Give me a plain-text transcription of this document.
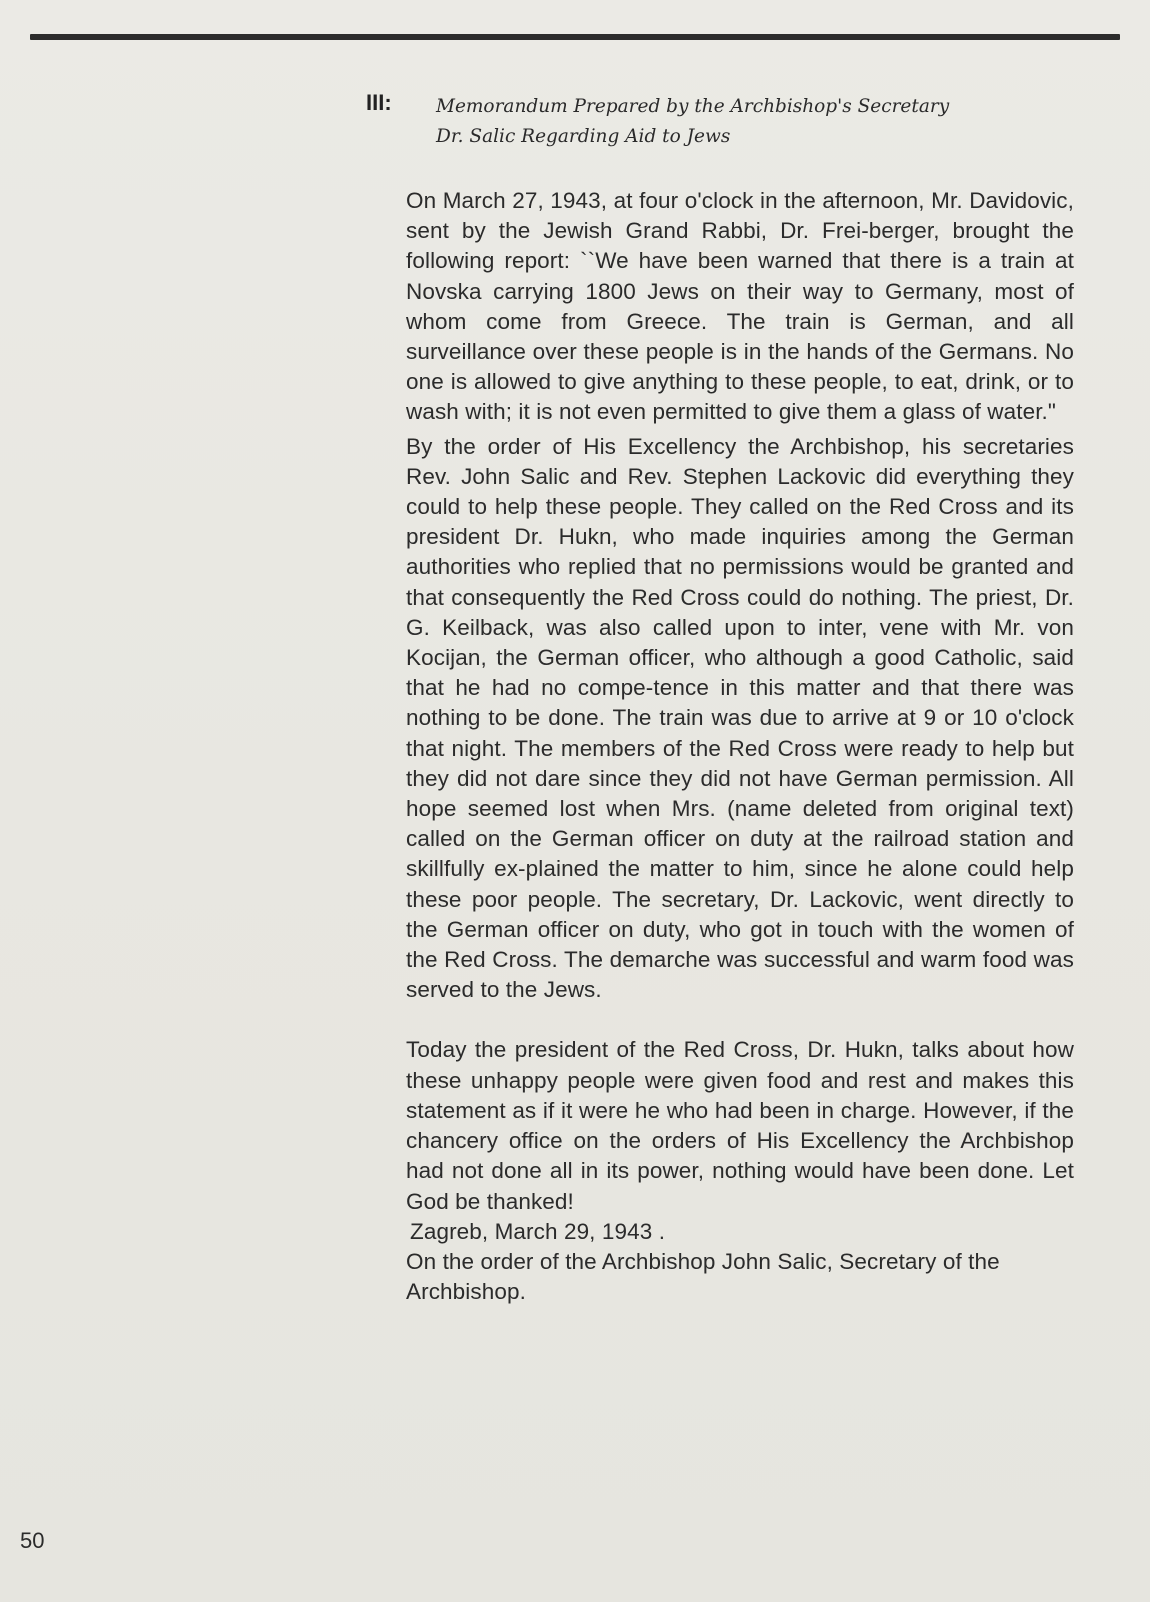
III: Memorandum Prepared by the Archbishop's Secretary
Dr. Salic Regarding Aid to Jews

On March 27, 1943, at four o'clock in the afternoon, Mr. Davidovic, sent by the Jewish Grand Rabbi, Dr. Frei-berger, brought the following report: ``We have been warned that there is a train at Novska carrying 1800 Jews on their way to Germany, most of whom come from Greece. The train is German, and all surveillance over these people is in the hands of the Germans. No one is allowed to give anything to these people, to eat, drink, or to wash with; it is not even permitted to give them a glass of water."

By the order of His Excellency the Archbishop, his secretaries Rev. John Salic and Rev. Stephen Lackovic did everything they could to help these people. They called on the Red Cross and its president Dr. Hukn, who made inquiries among the German authorities who replied that no permissions would be granted and that consequently the Red Cross could do nothing. The priest, Dr. G. Keilback, was also called upon to inter, vene with Mr. von Kocijan, the German officer, who although a good Catholic, said that he had no compe-tence in this matter and that there was nothing to be done. The train was due to arrive at 9 or 10 o'clock that night. The members of the Red Cross were ready to help but they did not dare since they did not have German permission. All hope seemed lost when Mrs. (name deleted from original text) called on the German officer on duty at the railroad station and skillfully ex-plained the matter to him, since he alone could help these poor people. The secretary, Dr. Lackovic, went directly to the German officer on duty, who got in touch with the women of the Red Cross. The demarche was successful and warm food was served to the Jews.

Today the president of the Red Cross, Dr. Hukn, talks about how these unhappy people were given food and rest and makes this statement as if it were he who had been in charge. However, if the chancery office on the orders of His Excellency the Archbishop had not done all in its power, nothing would have been done. Let God be thanked!

Zagreb, March 29, 1943 .

On the order of the Archbishop John Salic, Secretary of the Archbishop.

50
